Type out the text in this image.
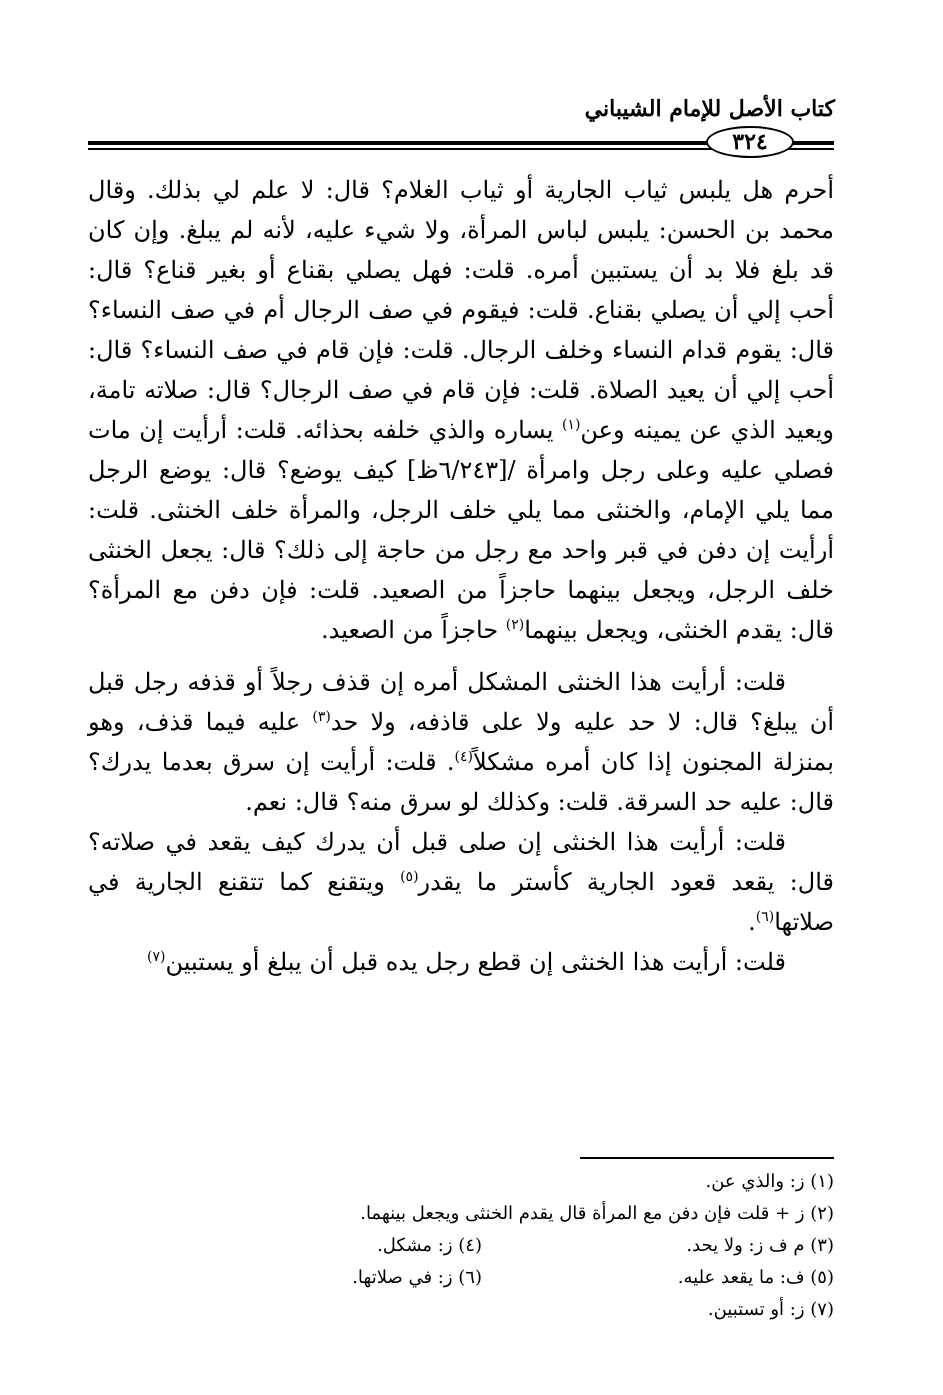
كتاب الأصل للإمام الشيباني
٣٢٤

أحرم هل يلبس ثياب الجارية أو ثياب الغلام؟ قال: لا علم لي بذلك. وقال محمد بن الحسن: يلبس لباس المرأة، ولا شيء عليه، لأنه لم يبلغ. وإن كان قد بلغ فلا بد أن يستبين أمره. قلت: فهل يصلي بقناع أو بغير قناع؟ قال: أحب إلي أن يصلي بقناع. قلت: فيقوم في صف الرجال أم في صف النساء؟ قال: يقوم قدام النساء وخلف الرجال. قلت: فإن قام في صف النساء؟ قال: أحب إلي أن يعيد الصلاة. قلت: فإن قام في صف الرجال؟ قال: صلاته تامة، ويعيد الذي عن يمينه وعن$^{(١)}$ يساره والذي خلفه بحذائه. قلت: أرأيت إن مات فصلي عليه وعلى رجل وامرأة /[٦/٢٤٣ظ] كيف يوضع؟ قال: يوضع الرجل مما يلي الإمام، والخنثى مما يلي خلف الرجل، والمرأة خلف الخنثى. قلت: أرأيت إن دفن في قبر واحد مع رجل من حاجة إلى ذلك؟ قال: يجعل الخنثى خلف الرجل، ويجعل بينهما حاجزاً من الصعيد. قلت: فإن دفن مع المرأة؟ قال: يقدم الخنثى، ويجعل بينهما$^{(٢)}$ حاجزاً من الصعيد.

قلت: أرأيت هذا الخنثى المشكل أمره إن قذف رجلاً أو قذفه رجل قبل أن يبلغ؟ قال: لا حد عليه ولا على قاذفه، ولا حد$^{(٣)}$ عليه فيما قذف، وهو بمنزلة المجنون إذا كان أمره مشكلاً$^{(٤)}$. قلت: أرأيت إن سرق بعدما يدرك؟ قال: عليه حد السرقة. قلت: وكذلك لو سرق منه؟ قال: نعم.

قلت: أرأيت هذا الخنثى إن صلى قبل أن يدرك كيف يقعد في صلاته؟ قال: يقعد قعود الجارية كأستر ما يقدر$^{(٥)}$ ويتقنع كما تتقنع الجارية في صلاتها$^{(٦)}$.

قلت: أرأيت هذا الخنثى إن قطع رجل يده قبل أن يبلغ أو يستبين$^{(٧)}$

(١) ز: والذي عن.
(٢) ز + قلت فإن دفن مع المرأة قال يقدم الخنثى ويجعل بينهما.
(٣) م ف ز: ولا يحد.
(٤) ز: مشكل.
(٥) ف: ما يقعد عليه.
(٦) ز: في صلاتها.
(٧) ز: أو تستبين.
